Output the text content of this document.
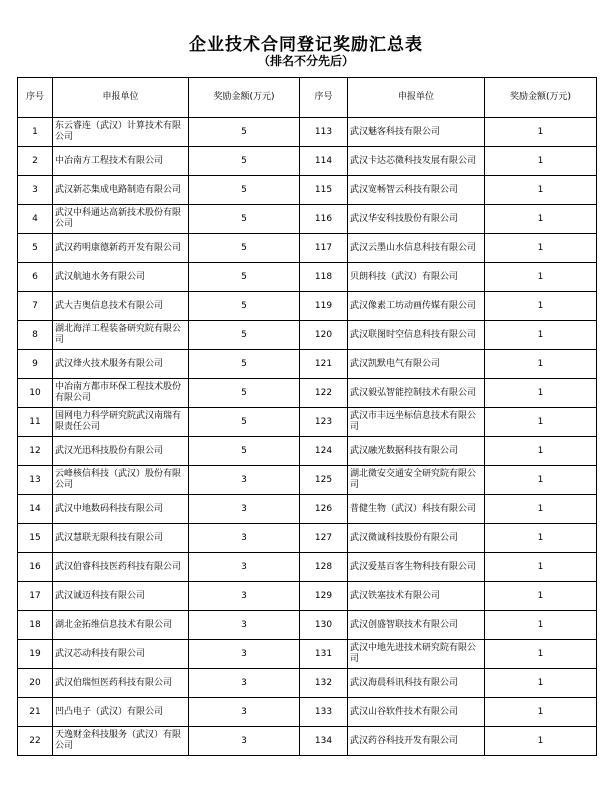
企业技术合同登记奖励汇总表
（排名不分先后）
序号	申报单位	奖励金额(万元)	序号	申报单位	奖励金额(万元)
1	东云睿连（武汉）计算技术有限公司	5	113	武汉魅客科技有限公司	1
2	中冶南方工程技术有限公司	5	114	武汉卡达芯微科技发展有限公司	1
3	武汉新芯集成电路制造有限公司	5	115	武汉宽畅智云科技有限公司	1
4	武汉中科通达高新技术股份有限公司	5	116	武汉华安科技股份有限公司	1
5	武汉药明康德新药开发有限公司	5	117	武汉云墨山水信息科技有限公司	1
6	武汉航迪水务有限公司	5	118	贝朗科技（武汉）有限公司	1
7	武大吉奥信息技术有限公司	5	119	武汉像素工坊动画传媒有限公司	1
8	湖北海洋工程装备研究院有限公司	5	120	武汉联图时空信息科技有限公司	1
9	武汉烽火技术服务有限公司	5	121	武汉凯默电气有限公司	1
10	中冶南方都市环保工程技术股份有限公司	5	122	武汉毅弘智能控制技术有限公司	1
11	国网电力科学研究院武汉南瑞有限责任公司	5	123	武汉市丰远坐标信息技术有限公司	1
12	武汉光迅科技股份有限公司	5	124	武汉融光数据科技有限公司	1
13	云峰核信科技（武汉）股份有限公司	3	125	湖北微安交通安全研究院有限公司	1
14	武汉中地数码科技有限公司	3	126	普健生物（武汉）科技有限公司	1
15	武汉慧联无限科技有限公司	3	127	武汉微诚科技股份有限公司	1
16	武汉伯睿科技医药科技有限公司	3	128	武汉爱基百客生物科技有限公司	1
17	武汉诚迈科技有限公司	3	129	武汉铁塞技术有限公司	1
18	湖北金拓维信息技术有限公司	3	130	武汉创盛智联技术有限公司	1
19	武汉芯动科技有限公司	3	131	武汉中地先进技术研究院有限公司	1
20	武汉伯瑞恒医药科技有限公司	3	132	武汉海晨科讯科技有限公司	1
21	凹凸电子（武汉）有限公司	3	133	武汉山谷软件技术有限公司	1
22	天逸财金科技服务（武汉）有限公司	3	134	武汉药谷科技开发有限公司	1
